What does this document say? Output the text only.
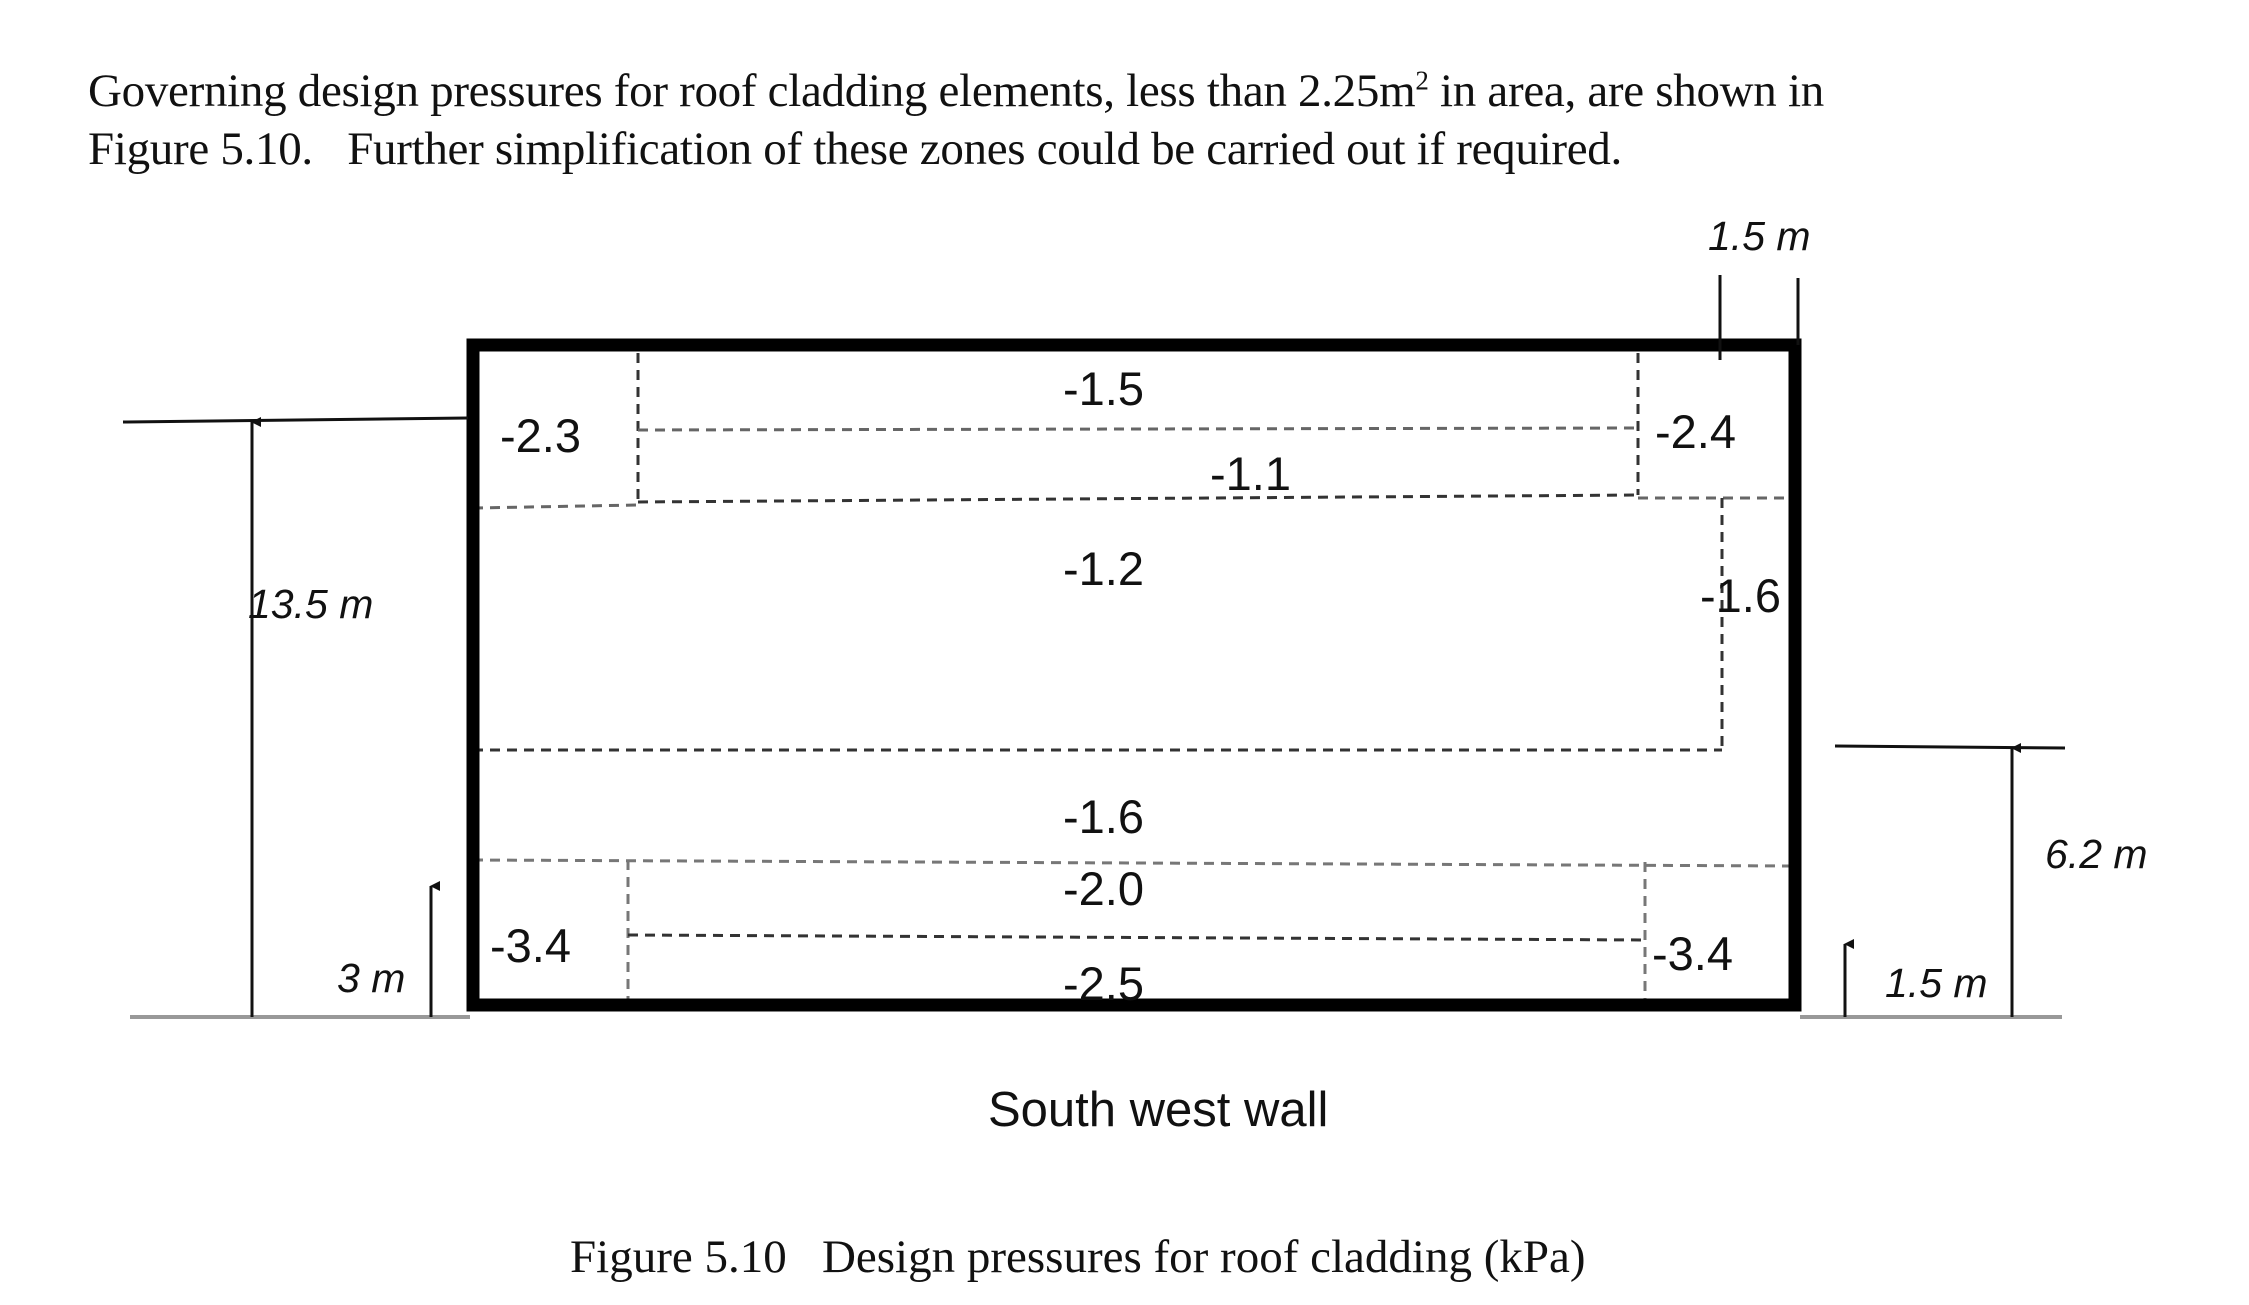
Governing design pressures for roof cladding elements, less than $2.25m^2$ in area, are shown in
Figure 5.10.   Further simplification of these zones could be carried out if required.
-1.5
-2.3	-2.4
-1.1
-1.2
-1.6
-1.6
-2.0
-3.4	-3.4
-2.5
1.5 m
13.5 m
3 m
6.2 m
1.5 m
South west wall
Figure 5.10   Design pressures for roof cladding (kPa)
